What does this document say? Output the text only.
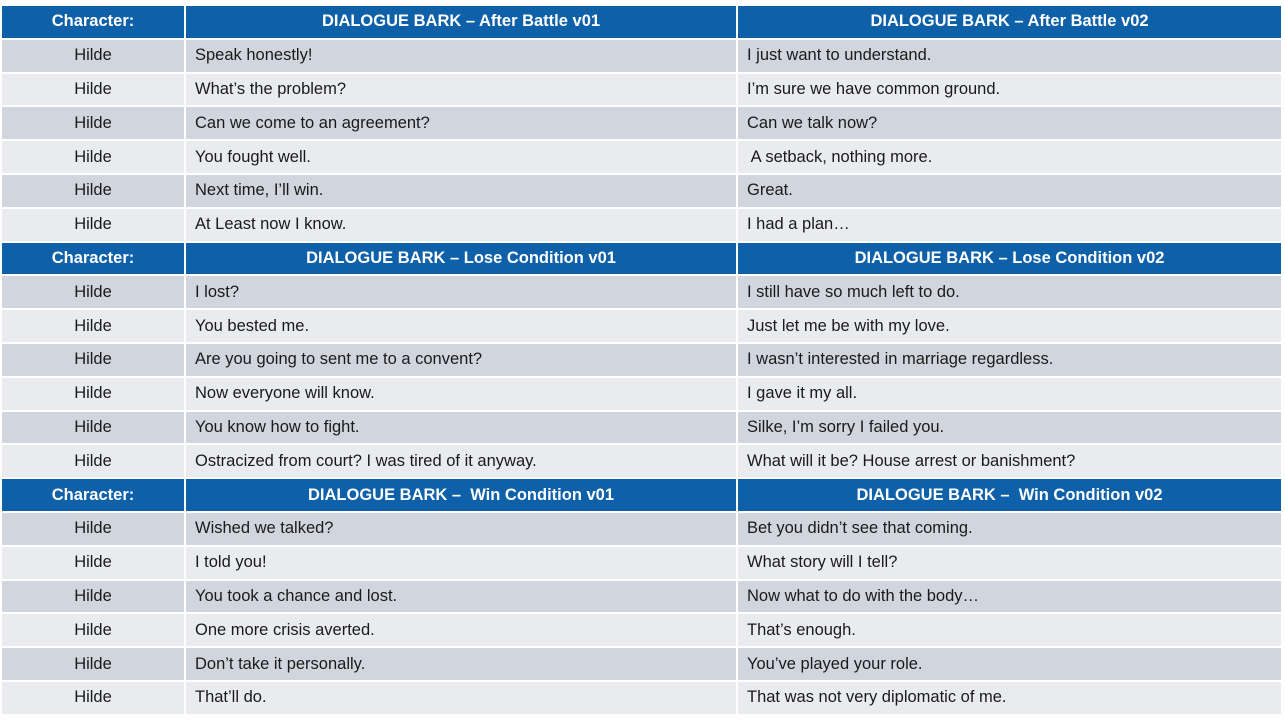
Character:	DIALOGUE BARK – After Battle v01	DIALOGUE BARK – After Battle v02
Hilde	Speak honestly!	I just want to understand.
Hilde	What’s the problem?	I’m sure we have common ground.
Hilde	Can we come to an agreement?	Can we talk now?
Hilde	You fought well.	A setback, nothing more.
Hilde	Next time, I’ll win.	Great.
Hilde	At Least now I know.	I had a plan…
Character:	DIALOGUE BARK – Lose Condition v01	DIALOGUE BARK – Lose Condition v02
Hilde	I lost?	I still have so much left to do.
Hilde	You bested me.	Just let me be with my love.
Hilde	Are you going to sent me to a convent?	I wasn’t interested in marriage regardless.
Hilde	Now everyone will know.	I gave it my all.
Hilde	You know how to fight.	Silke, I’m sorry I failed you.
Hilde	Ostracized from court? I was tired of it anyway.	What will it be? House arrest or banishment?
Character:	DIALOGUE BARK –  Win Condition v01	DIALOGUE BARK –  Win Condition v02
Hilde	Wished we talked?	Bet you didn’t see that coming.
Hilde	I told you!	What story will I tell?
Hilde	You took a chance and lost.	Now what to do with the body…
Hilde	One more crisis averted.	That’s enough.
Hilde	Don’t take it personally.	You’ve played your role.
Hilde	That’ll do.	That was not very diplomatic of me.
